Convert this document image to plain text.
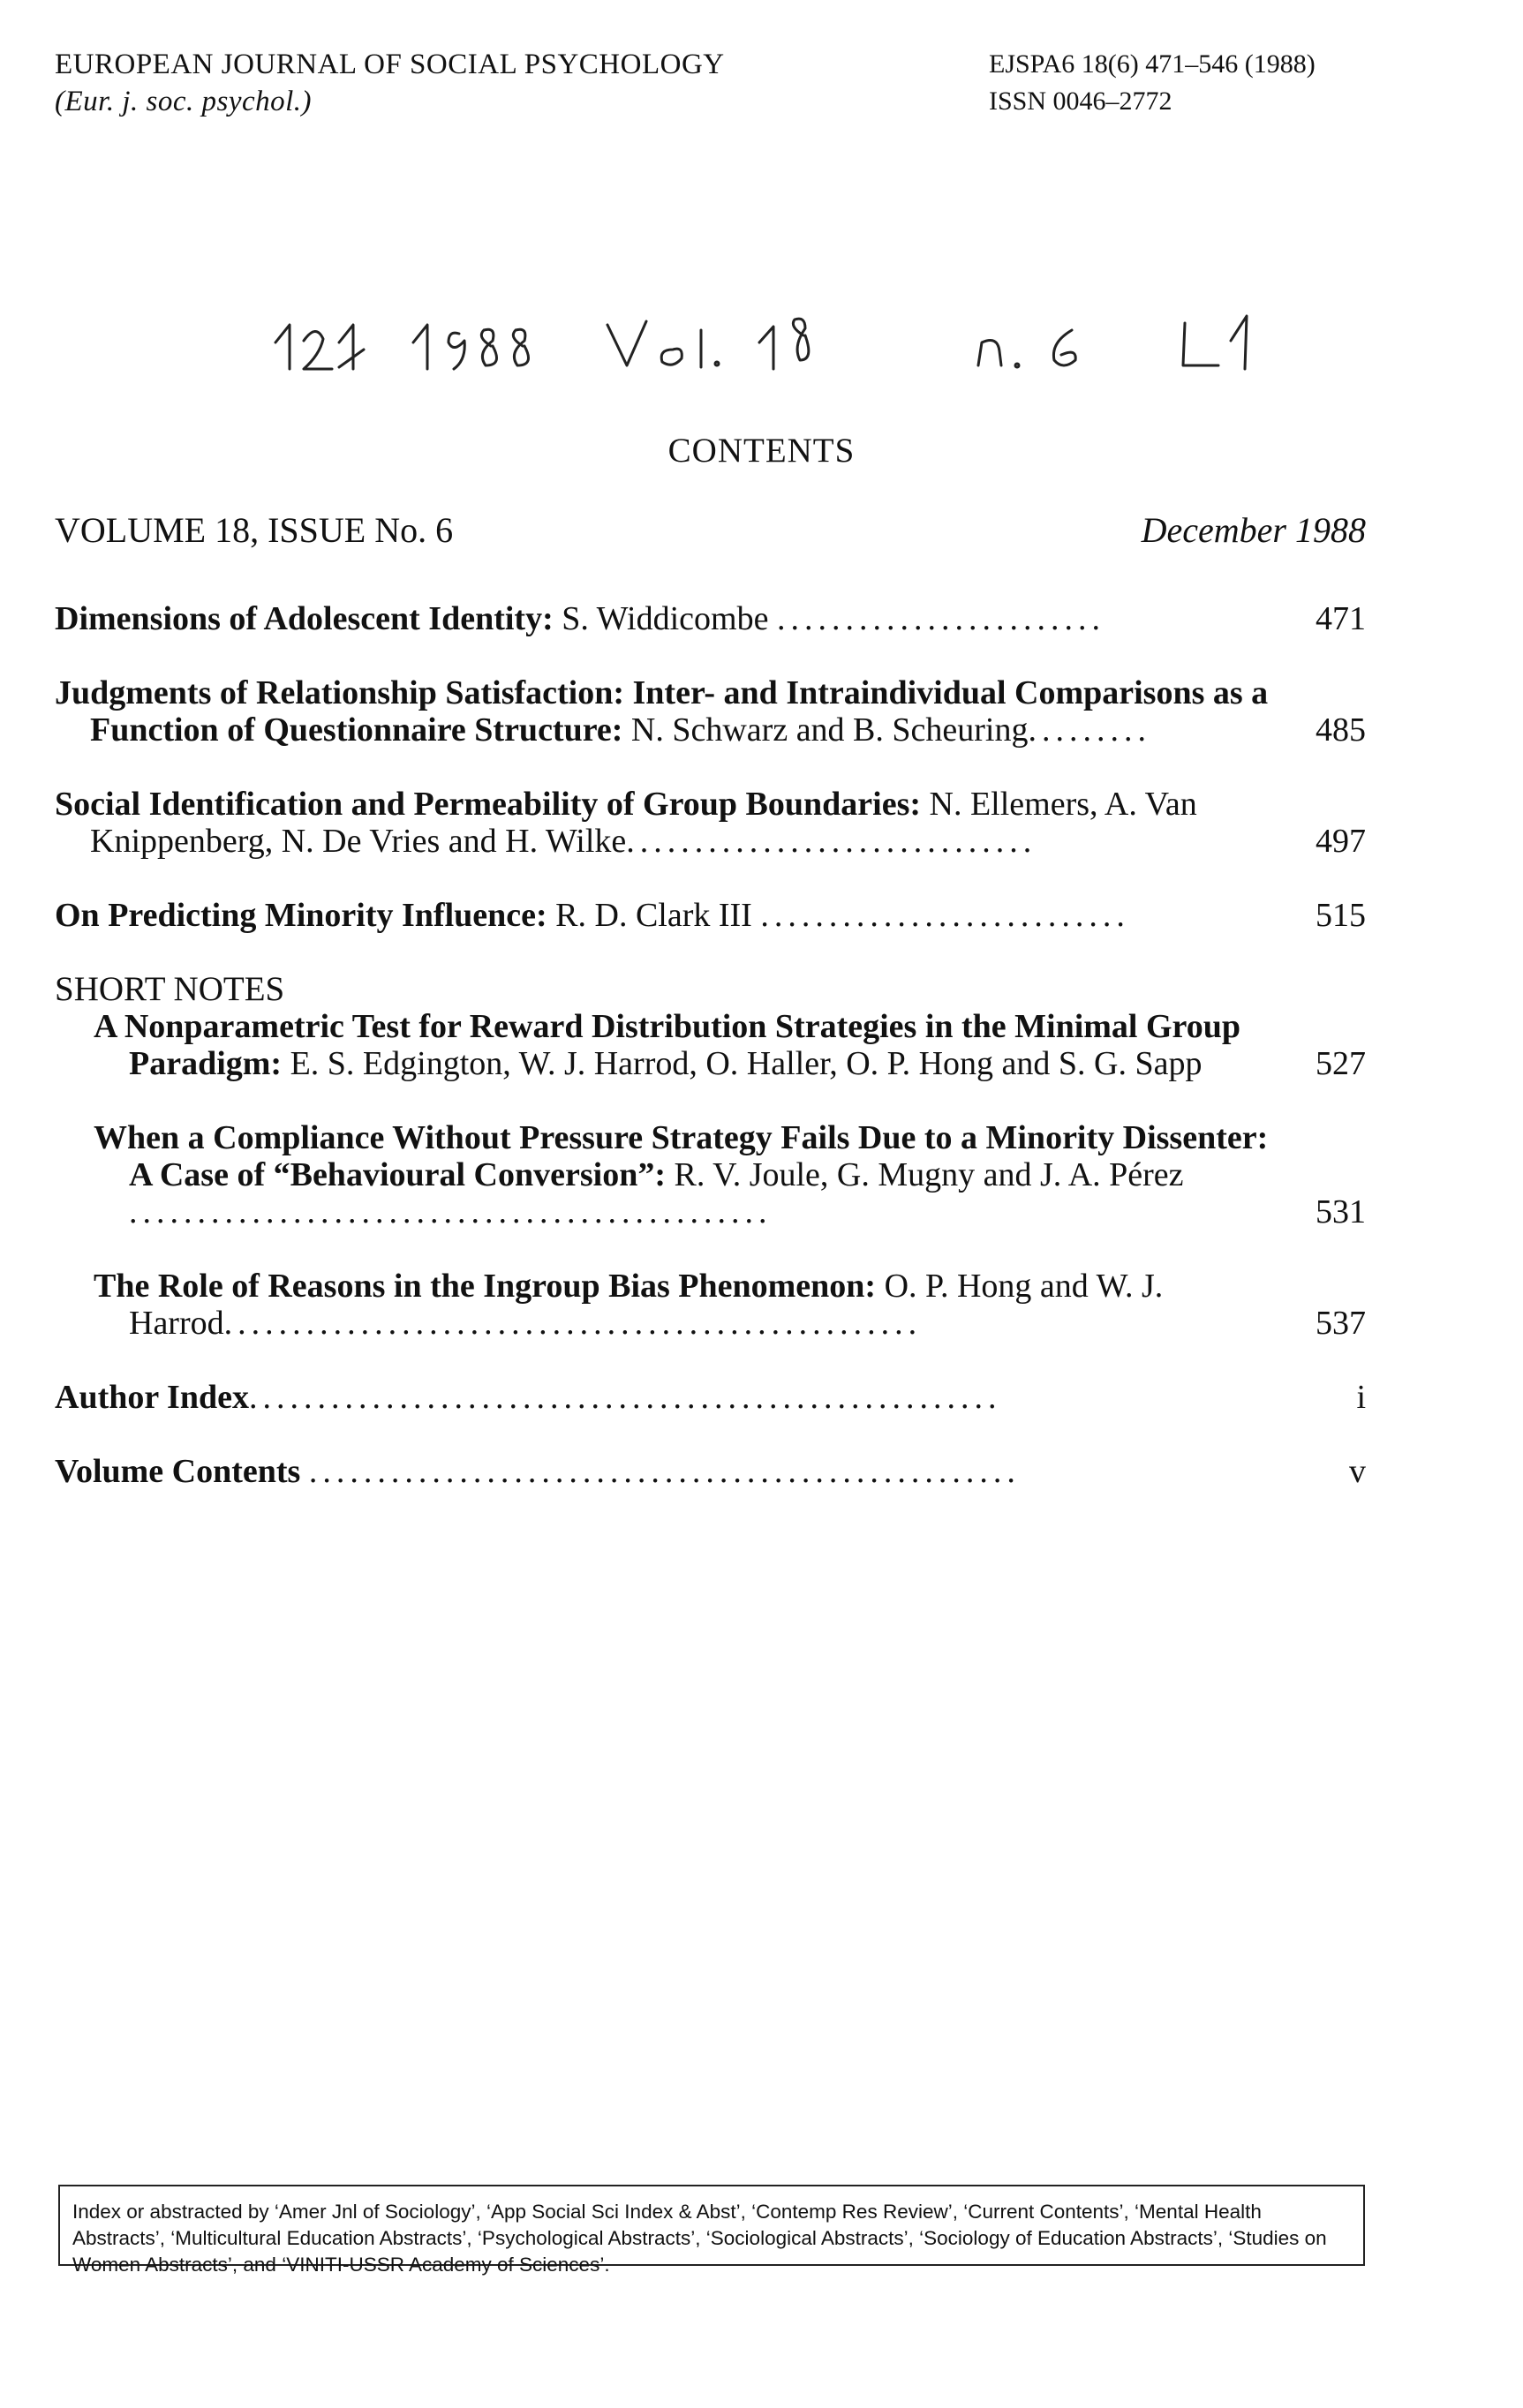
EUROPEAN JOURNAL OF SOCIAL PSYCHOLOGY
(Eur. j. soc. psychol.)
EJSPA6 18(6) 471–546 (1988)
ISSN 0046–2772
CONTENTS
VOLUME 18, ISSUE No. 6	December 1988
Dimensions of Adolescent Identity: S. Widdicombe ........................	471
Judgments of Relationship Satisfaction: Inter- and Intraindividual Comparisons as a Function of Questionnaire Structure: N. Schwarz and B. Scheuring.........	485
Social Identification and Permeability of Group Boundaries: N. Ellemers, A. Van Knippenberg, N. De Vries and H. Wilke..............................	497
On Predicting Minority Influence: R. D. Clark III ...........................	515
SHORT NOTES
A Nonparametric Test for Reward Distribution Strategies in the Minimal Group Paradigm: E. S. Edgington, W. J. Harrod, O. Haller, O. P. Hong and S. G. Sapp	527
When a Compliance Without Pressure Strategy Fails Due to a Minority Dissenter: A Case of “Behavioural Conversion”: R. V. Joule, G. Mugny and J. A. Pérez ...............................................	531
The Role of Reasons in the Ingroup Bias Phenomenon: O. P. Hong and W. J. Harrod...................................................	537
Author Index.......................................................	i
Volume Contents ....................................................	v
Index or abstracted by ‘Amer Jnl of Sociology’, ‘App Social Sci Index & Abst’, ‘Contemp Res Review’, ‘Current Contents’, ‘Mental Health Abstracts’, ‘Multicultural Education Abstracts’, ‘Psychological Abstracts’, ‘Sociological Abstracts’, ‘Sociology of Education Abstracts’, ‘Studies on Women Abstracts’, and ‘VINITI-USSR Academy of Sciences’.
